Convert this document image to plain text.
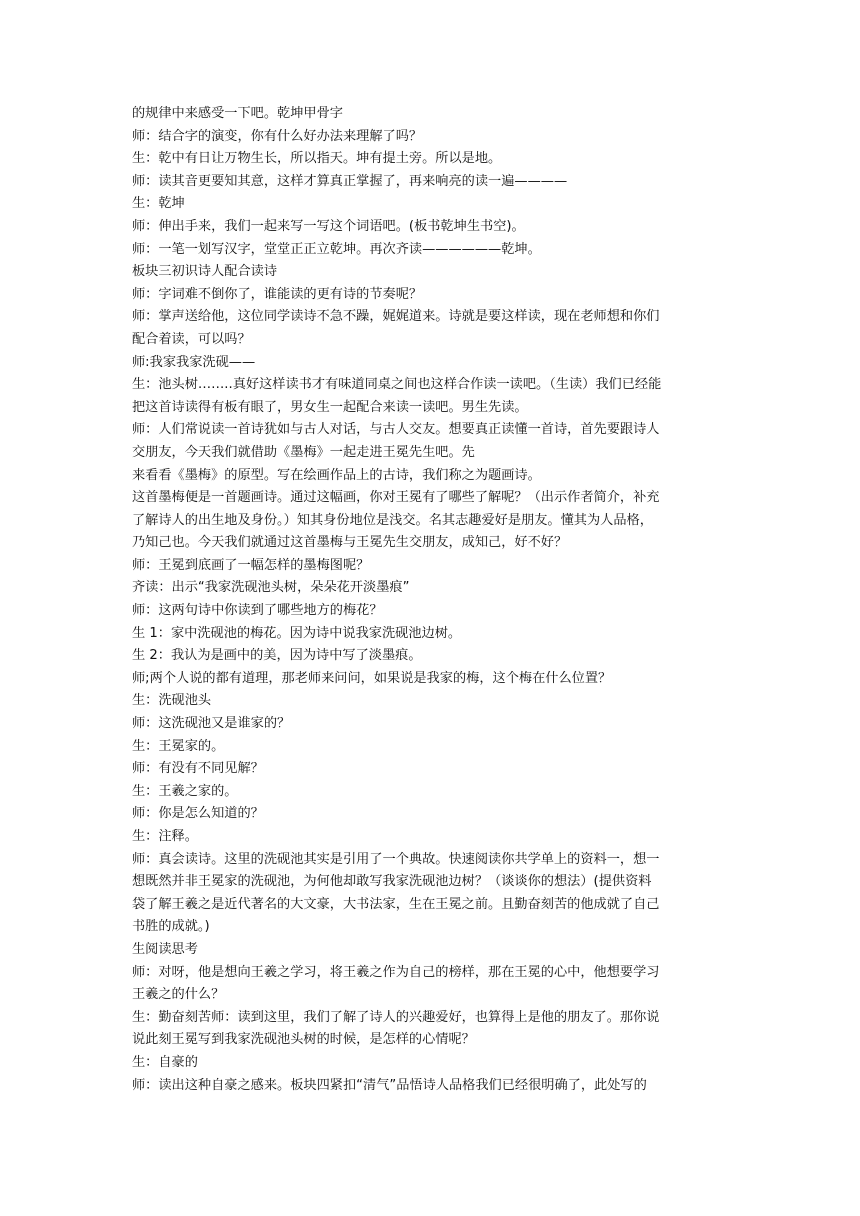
的规律中来感受一下吧。乾坤甲骨字
师：结合字的演变，你有什么好办法来理解了吗？
生：乾中有日让万物生长，所以指天。坤有提土旁。所以是地。
师：读其音更要知其意，这样才算真正掌握了，再来响亮的读一遍————
生：乾坤
师：伸出手来，我们一起来写一写这个词语吧。(板书乾坤生书空)。
师：一笔一划写汉字，堂堂正正立乾坤。再次齐读——————乾坤。
板块三初识诗人配合读诗
师：字词难不倒你了，谁能读的更有诗的节奏呢？
师：掌声送给他，这位同学读诗不急不躁，娓娓道来。诗就是要这样读，现在老师想和你们
配合着读，可以吗？
师:我家我家洗砚——
生：池头树……..真好这样读书才有味道同桌之间也这样合作读一读吧。（生读）我们已经能
把这首诗读得有板有眼了，男女生一起配合来读一读吧。男生先读。
师：人们常说读一首诗犹如与古人对话，与古人交友。想要真正读懂一首诗，首先要跟诗人
交朋友，今天我们就借助《墨梅》一起走进王冕先生吧。先
来看看《墨梅》的原型。写在绘画作品上的古诗，我们称之为题画诗。
这首墨梅便是一首题画诗。通过这幅画，你对王冕有了哪些了解呢？（出示作者简介，补充
了解诗人的出生地及身份。）知其身份地位是浅交。名其志趣爱好是朋友。懂其为人品格，
乃知己也。今天我们就通过这首墨梅与王冕先生交朋友，成知己，好不好？
师：王冕到底画了一幅怎样的墨梅图呢？
齐读：出示“我家洗砚池头树，朵朵花开淡墨痕”
师：这两句诗中你读到了哪些地方的梅花？
生 1：家中洗砚池的梅花。因为诗中说我家洗砚池边树。
生 2：我认为是画中的美，因为诗中写了淡墨痕。
师;两个人说的都有道理，那老师来问问，如果说是我家的梅，这个梅在什么位置？
生：洗砚池头
师：这洗砚池又是谁家的？
生：王冕家的。
师：有没有不同见解？
生：王羲之家的。
师：你是怎么知道的？
生：注释。
师：真会读诗。这里的洗砚池其实是引用了一个典故。快速阅读你共学单上的资料一，想一
想既然并非王冕家的洗砚池，为何他却敢写我家洗砚池边树？（谈谈你的想法）(提供资料
袋了解王羲之是近代著名的大文豪，大书法家，生在王冕之前。且勤奋刻苦的他成就了自己
书胜的成就。)
生阅读思考
师：对呀，他是想向王羲之学习，将王羲之作为自己的榜样，那在王冕的心中，他想要学习
王羲之的什么？
生：勤奋刻苦师：读到这里，我们了解了诗人的兴趣爱好，也算得上是他的朋友了。那你说
说此刻王冕写到我家洗砚池头树的时候，是怎样的心情呢？
生：自豪的
师：读出这种自豪之感来。板块四紧扣“清气”品悟诗人品格我们已经很明确了，此处写的
